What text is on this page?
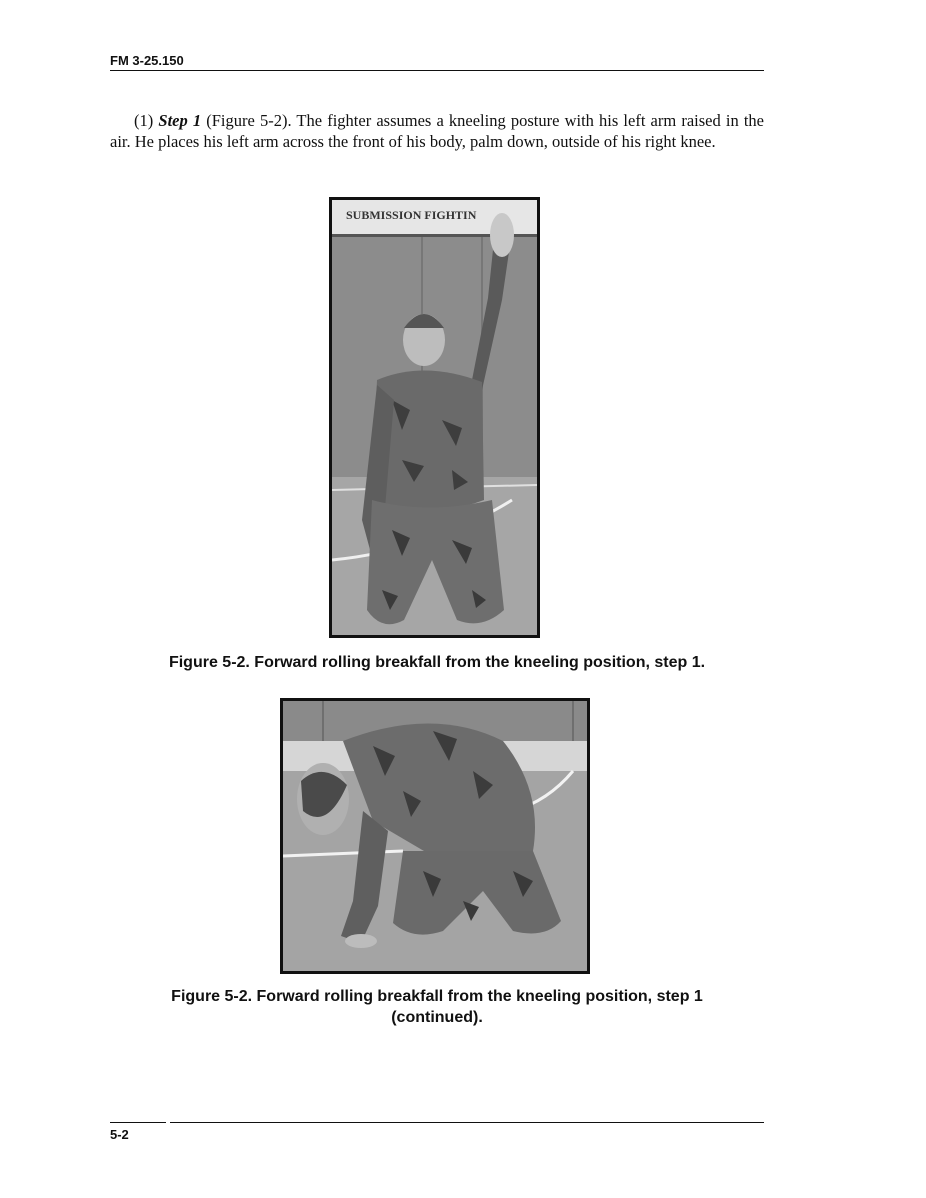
FM 3-25.150
(1) Step 1 (Figure 5-2). The fighter assumes a kneeling posture with his left arm raised in the air. He places his left arm across the front of his body, palm down, outside of his right knee.
SUBMISSION FIGHTIN
Figure 5-2. Forward rolling breakfall from the kneeling position, step 1.
Figure 5-2. Forward rolling breakfall from the kneeling position, step 1
(continued).
5-2
